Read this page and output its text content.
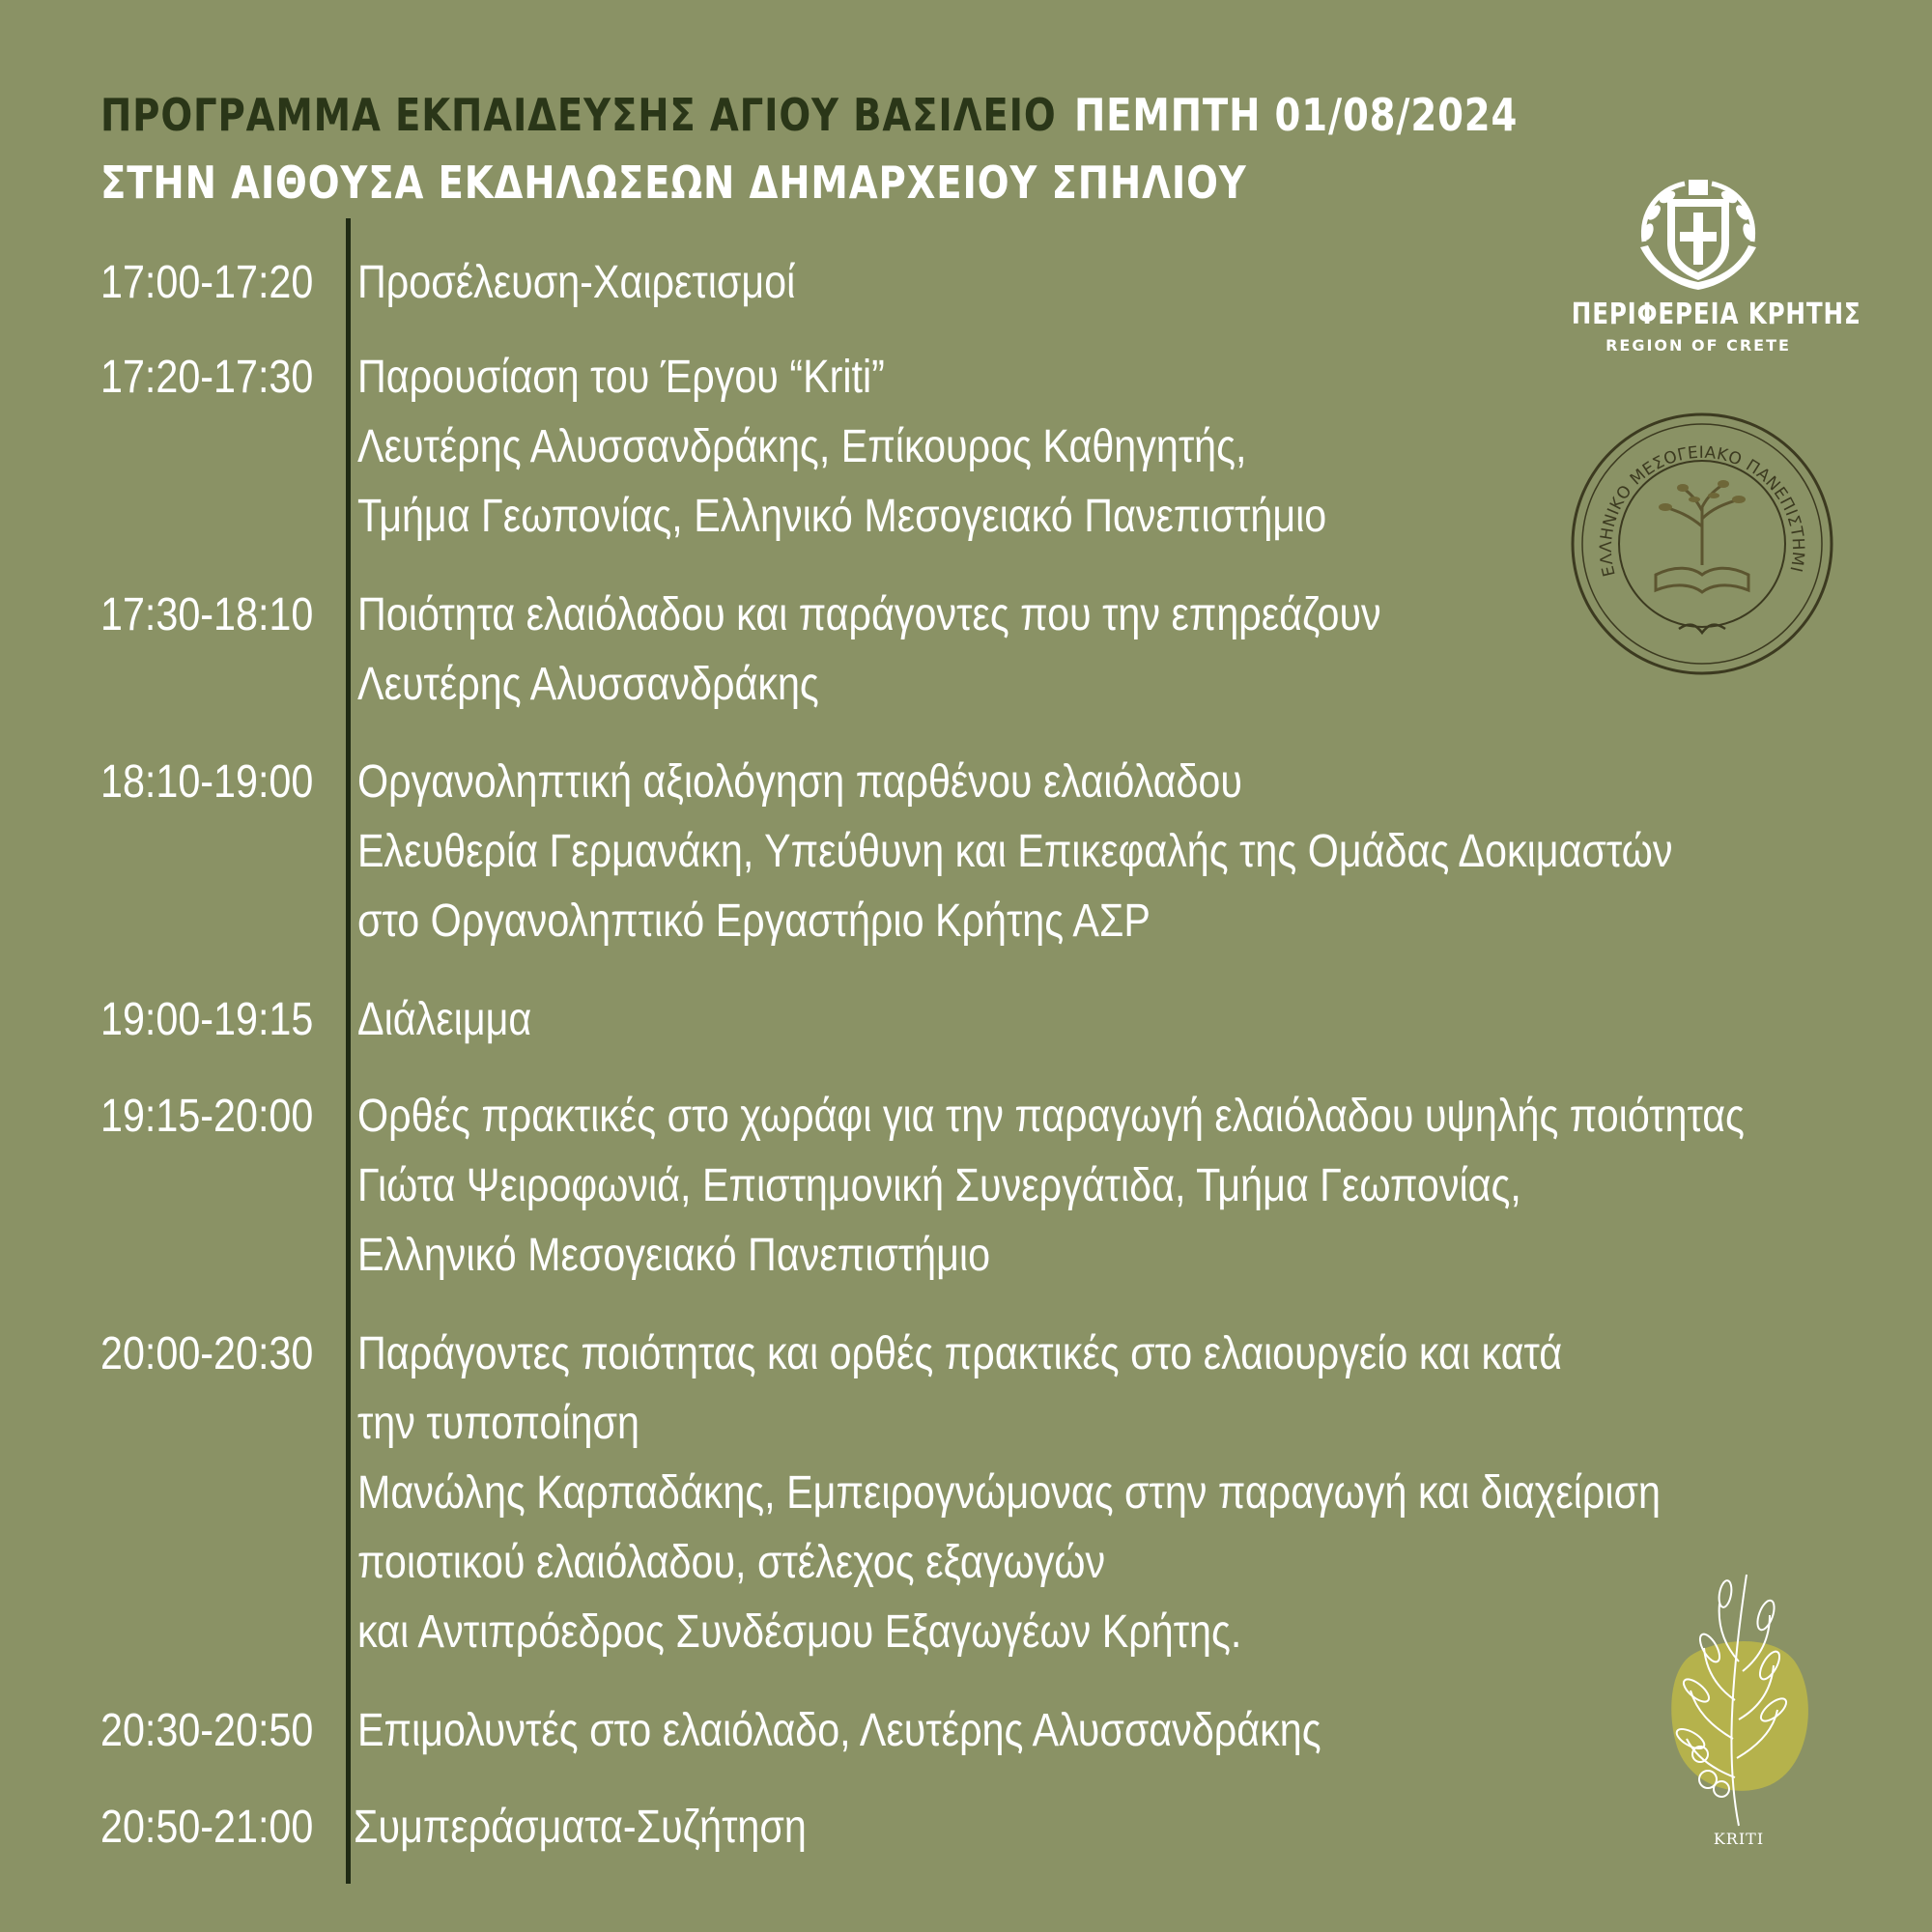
ΠΡΟΓΡΑΜΜΑ ΕΚΠΑΙΔΕΥΣΗΣ ΑΓΙΟΥ ΒΑΣΙΛΕΙΟ ΠΕΜΠΤΗ 01/08/2024
ΣΤΗΝ ΑΙΘΟΥΣΑ ΕΚΔΗΛΩΣΕΩΝ ΔΗΜΑΡΧΕΙΟΥ ΣΠΗΛΙΟΥ
17:00-17:20 Προσέλευση-Χαιρετισμοί
17:20-17:30 Παρουσίαση του Έργου “Kriti”
Λευτέρης Αλυσσανδράκης, Επίκουρος Καθηγητής,
Τμήμα Γεωπονίας, Ελληνικό Μεσογειακό Πανεπιστήμιο
17:30-18:10 Ποιότητα ελαιόλαδου και παράγοντες που την επηρεάζουν
Λευτέρης Αλυσσανδράκης
18:10-19:00 Οργανοληπτική αξιολόγηση παρθένου ελαιόλαδου
Ελευθερία Γερμανάκη, Υπεύθυνη και Επικεφαλής της Ομάδας Δοκιμαστών
στο Οργανοληπτικό Εργαστήριο Κρήτης ΑΣΡ
19:00-19:15 Διάλειμμα
19:15-20:00 Ορθές πρακτικές στο χωράφι για την παραγωγή ελαιόλαδου υψηλής ποιότητας
Γιώτα Ψειροφωνιά, Επιστημονική Συνεργάτιδα, Τμήμα Γεωπονίας,
Ελληνικό Μεσογειακό Πανεπιστήμιο
20:00-20:30 Παράγοντες ποιότητας και ορθές πρακτικές στο ελαιουργείο και κατά
την τυποποίηση
Μανώλης Καρπαδάκης, Εμπειρογνώμονας στην παραγωγή και διαχείριση
ποιοτικού ελαιόλαδου, στέλεχος εξαγωγών
και Αντιπρόεδρος Συνδέσμου Εξαγωγέων Κρήτης.
20:30-20:50 Επιμολυντές στο ελαιόλαδο, Λευτέρης Αλυσσανδράκης
20:50-21:00 Συμπεράσματα-Συζήτηση
ΠΕΡΙΦΕΡΕΙΑ ΚΡΗΤΗΣ
REGION OF CRETE
ΕΛΛΗΝΙΚΟ ΜΕΣΟΓΕΙΑΚΟ ΠΑΝΕΠΙΣΤΗΜΙ
KRITI
